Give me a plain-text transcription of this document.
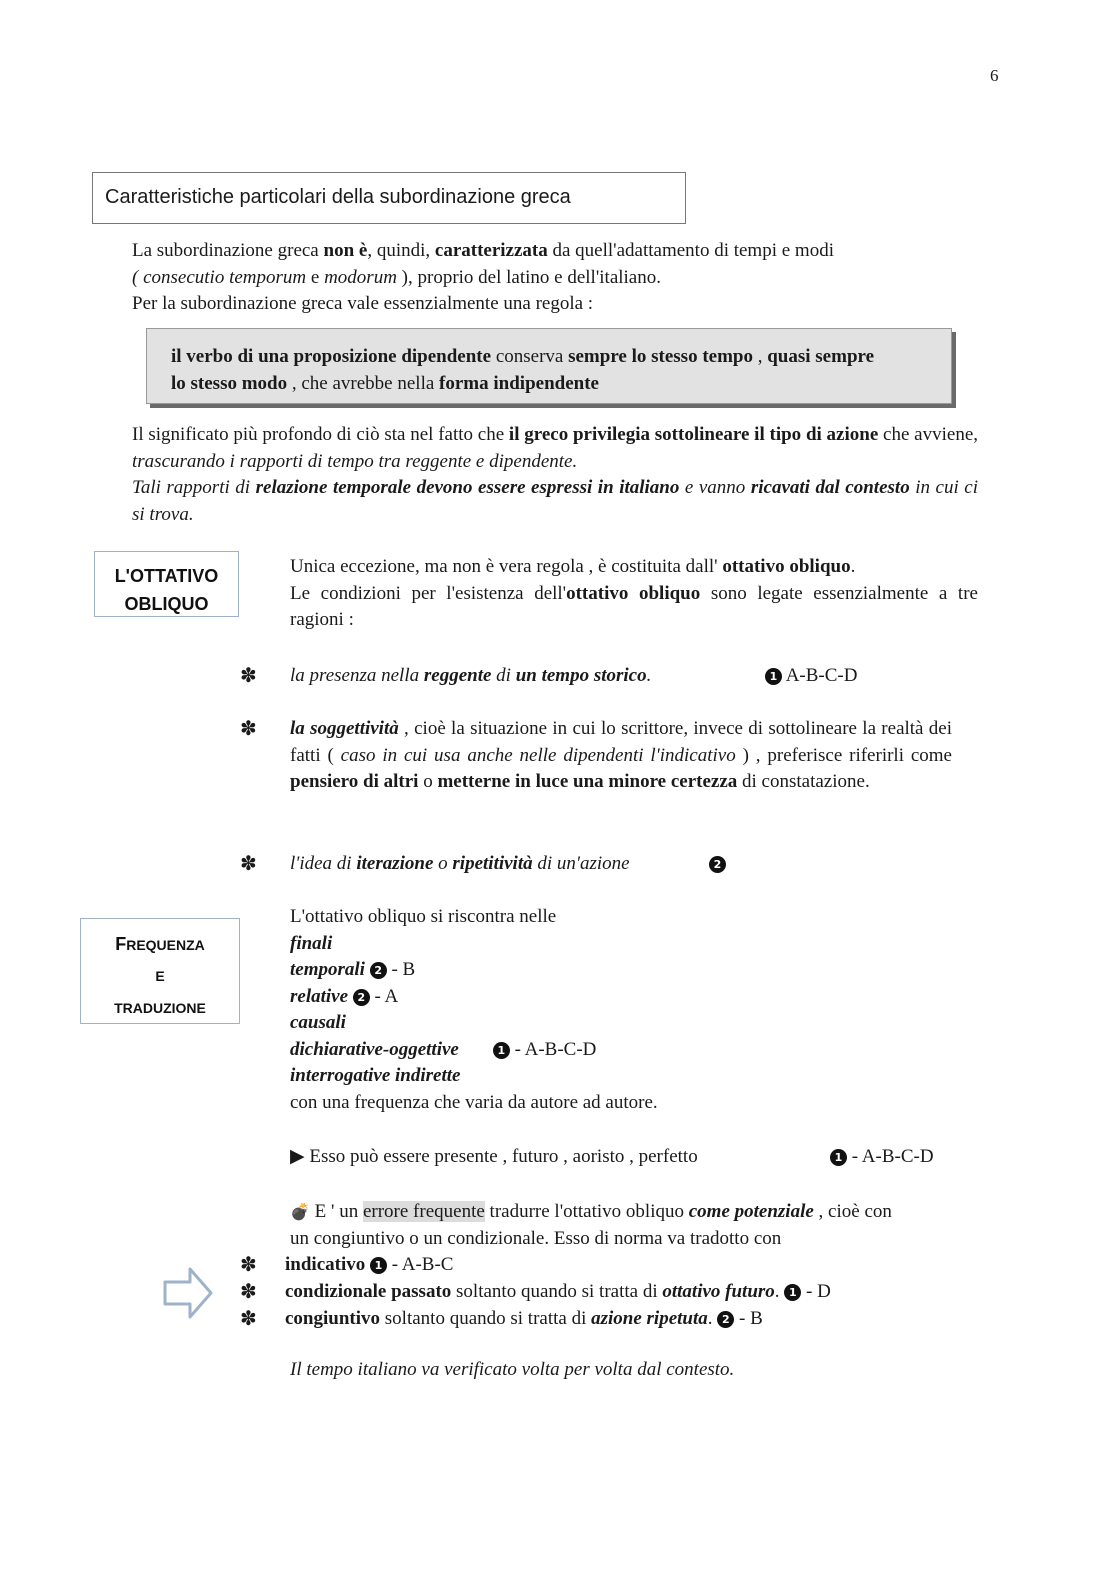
6
Caratteristiche particolari della subordinazione greca
La subordinazione greca non è, quindi, caratterizzata da quell'adattamento di tempi e modi
( consecutio temporum e modorum ), proprio del latino e dell'italiano.
Per la subordinazione greca vale essenzialmente una regola :
il verbo di una proposizione dipendente conserva sempre lo stesso tempo , quasi sempre
lo stesso modo , che avrebbe nella forma indipendente
Il significato più profondo di ciò sta nel fatto che il greco privilegia sottolineare il tipo di azione che avviene, trascurando i rapporti di tempo tra reggente e dipendente.
Tali rapporti di relazione temporale devono essere espressi in italiano e vanno ricavati dal contesto in cui ci si trova.
L'OTTATIVO
OBLIQUO
Unica eccezione, ma non è vera regola , è costituita dall' ottativo obliquo.
Le condizioni per l'esistenza dell'ottativo obliquo sono legate essenzialmente a tre ragioni :
✽ la presenza nella reggente di un tempo storico.	1 A-B-C-D
✽ la soggettività , cioè la situazione in cui lo scrittore, invece di sottolineare la realtà dei fatti ( caso in cui usa anche nelle dipendenti l'indicativo ) , preferisce riferirli come pensiero di altri o metterne in luce una minore certezza di constatazione.
✽ l'idea di iterazione o ripetitività di un'azione	2
FREQUENZA
E
TRADUZIONE
L'ottativo obliquo si riscontra nelle
finali
temporali 2 - B
relative 2 - A
causali
dichiarative-oggettive	1 - A-B-C-D
interrogative indirette
con una frequenza che varia da autore ad autore.
▶ Esso può essere presente , futuro , aoristo , perfetto	1 - A-B-C-D
💣 E ' un errore frequente tradurre l'ottativo obliquo come potenziale , cioè con
un congiuntivo o un condizionale. Esso di norma va tradotto con
✽ indicativo 1 - A-B-C
✽ condizionale passato soltanto quando si tratta di ottativo futuro. 1 - D
✽ congiuntivo soltanto quando si tratta di azione ripetuta. 2 - B
Il tempo italiano va verificato volta per volta dal contesto.
